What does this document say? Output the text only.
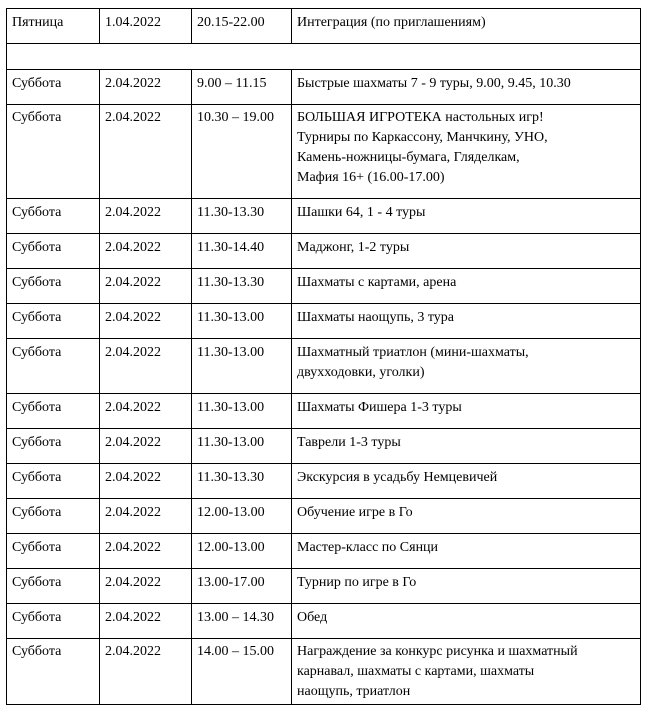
Пятница	1.04.2022	20.15-22.00	Интеграция (по приглашениям)

Суббота	2.04.2022	9.00 – 11.15	Быстрые шахматы 7 - 9 туры, 9.00, 9.45, 10.30
Суббота	2.04.2022	10.30 – 19.00	БОЛЬШАЯ ИГРОТЕКА настольных игр!
Турниры по Каркассону, Манчкину, УНО,
Камень-ножницы-бумага, Гляделкам,
Мафия 16+ (16.00-17.00)
Суббота	2.04.2022	11.30-13.30	Шашки 64, 1 - 4 туры
Суббота	2.04.2022	11.30-14.40	Маджонг, 1-2 туры
Суббота	2.04.2022	11.30-13.30	Шахматы с картами, арена
Суббота	2.04.2022	11.30-13.00	Шахматы наощупь, 3 тура
Суббота	2.04.2022	11.30-13.00	Шахматный триатлон (мини-шахматы,
двухходовки, уголки)
Суббота	2.04.2022	11.30-13.00	Шахматы Фишера 1-3 туры
Суббота	2.04.2022	11.30-13.00	Таврели 1-3 туры
Суббота	2.04.2022	11.30-13.30	Экскурсия в усадьбу Немцевичей
Суббота	2.04.2022	12.00-13.00	Обучение игре в Го
Суббота	2.04.2022	12.00-13.00	Мастер-класс по Сянци
Суббота	2.04.2022	13.00-17.00	Турнир по игре в Го
Суббота	2.04.2022	13.00 – 14.30	Обед
Суббота	2.04.2022	14.00 – 15.00	Награждение за конкурс рисунка и шахматный
карнавал, шахматы с картами, шахматы
наощупь, триатлон
